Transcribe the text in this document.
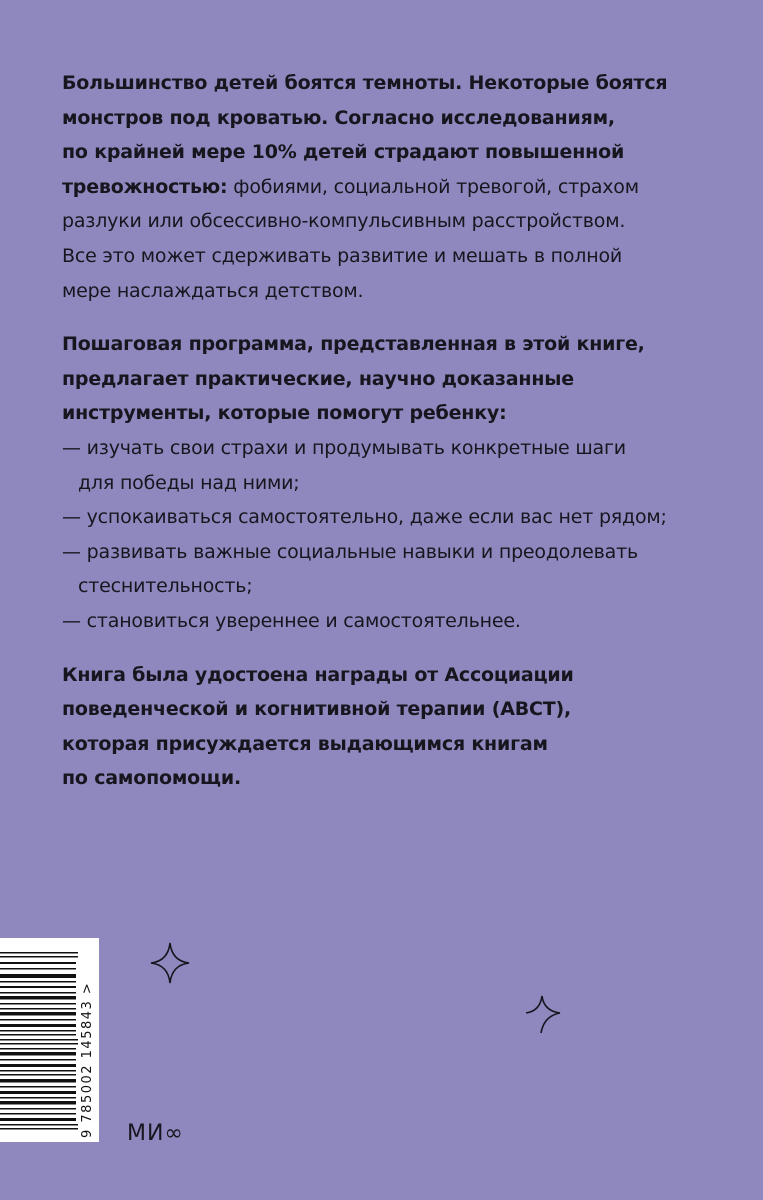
Большинство детей боятся темноты. Некоторые боятся
монстров под кроватью. Согласно исследованиям,
по крайней мере 10% детей страдают повышенной
тревожностью: фобиями, социальной тревогой, страхом
разлуки или обсессивно-компульсивным расстройством.
Все это может сдерживать развитие и мешать в полной
мере наслаждаться детством.

Пошаговая программа, представленная в этой книге,
предлагает практические, научно доказанные
инструменты, которые помогут ребенку:
— изучать свои страхи и продумывать конкретные шаги
для победы над ними;
— успокаиваться самостоятельно, даже если вас нет рядом;
— развивать важные социальные навыки и преодолевать
стеснительность;
— становиться увереннее и самостоятельнее.

Книга была удостоена награды от Ассоциации
поведенческой и когнитивной терапии (ABCT),
которая присуждается выдающимся книгам
по самопомощи.

9 785002 145843 > МИ∞
